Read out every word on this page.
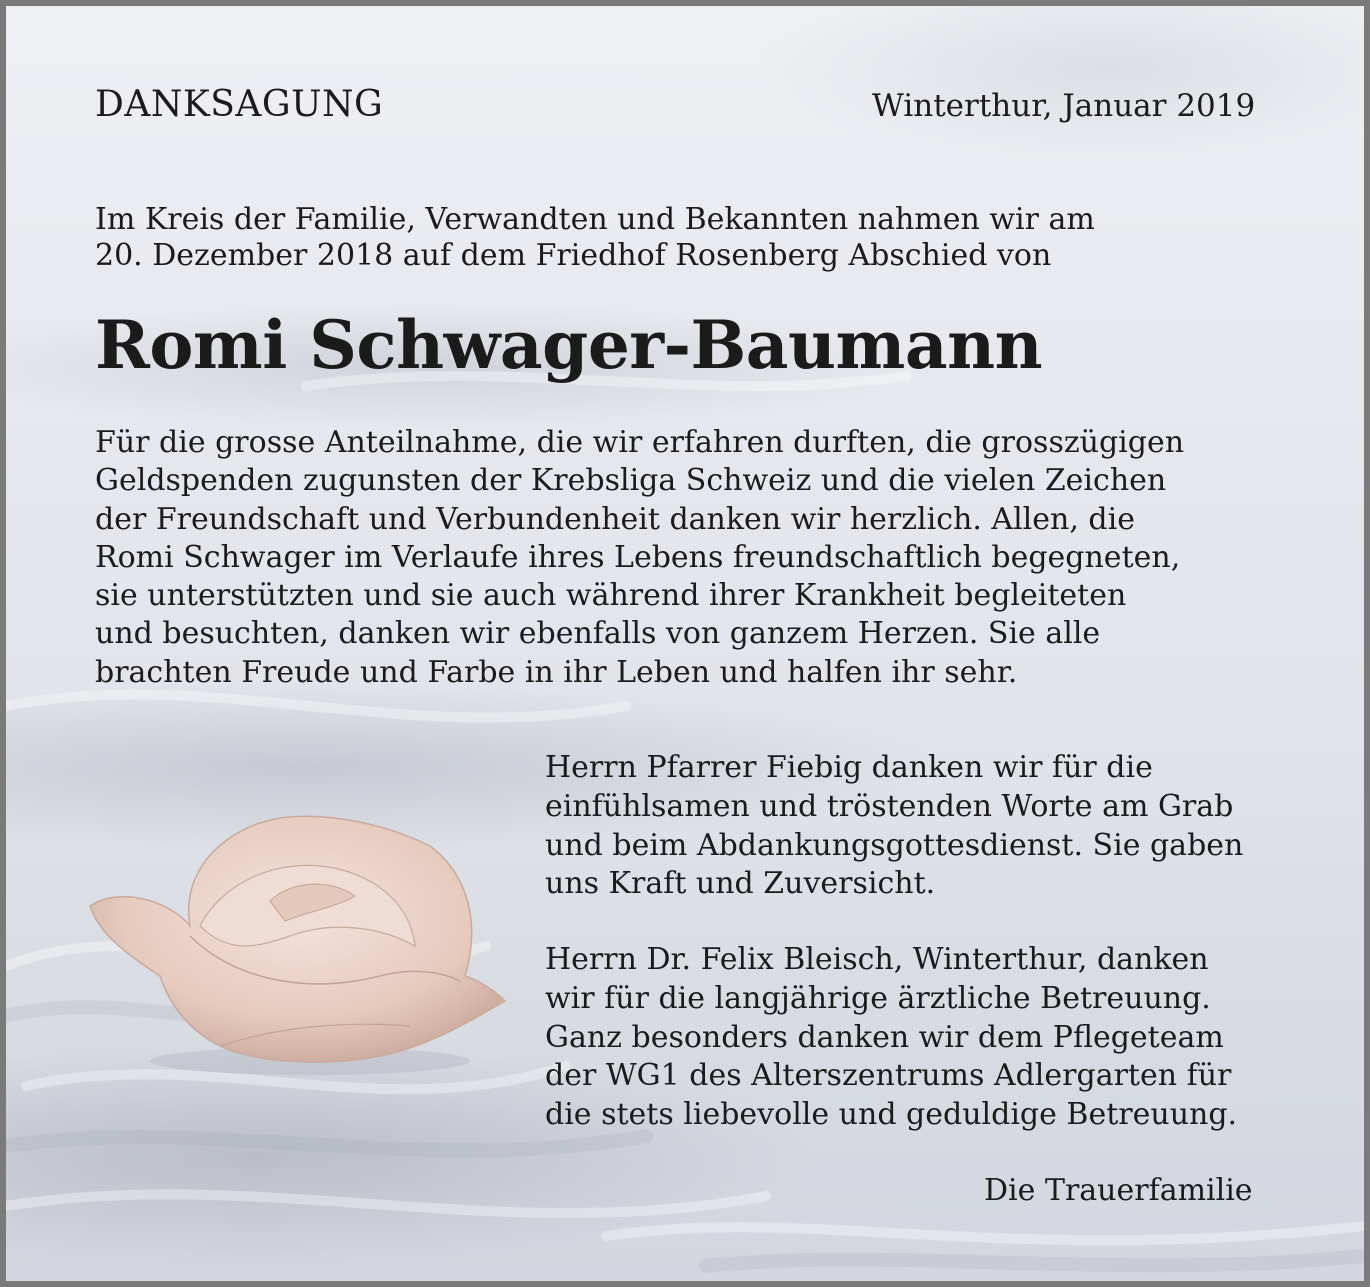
DANKSAGUNG	Winterthur, Januar 2019
Im Kreis der Familie, Verwandten und Bekannten nahmen wir am
20. Dezember 2018 auf dem Friedhof Rosenberg Abschied von
Romi Schwager-Baumann
Für die grosse Anteilnahme, die wir erfahren durften, die grosszügigen
Geldspenden zugunsten der Krebsliga Schweiz und die vielen Zeichen
der Freundschaft und Verbundenheit danken wir herzlich. Allen, die
Romi Schwager im Verlaufe ihres Lebens freundschaftlich begegneten,
sie unterstützten und sie auch während ihrer Krankheit begleiteten
und besuchten, danken wir ebenfalls von ganzem Herzen. Sie alle
brachten Freude und Farbe in ihr Leben und halfen ihr sehr.
Herrn Pfarrer Fiebig danken wir für die
einfühlsamen und tröstenden Worte am Grab
und beim Abdankungsgottesdienst. Sie gaben
uns Kraft und Zuversicht.
Herrn Dr. Felix Bleisch, Winterthur, danken
wir für die langjährige ärztliche Betreuung.
Ganz besonders danken wir dem Pflegeteam
der WG1 des Alterszentrums Adlergarten für
die stets liebevolle und geduldige Betreuung.
Die Trauerfamilie
